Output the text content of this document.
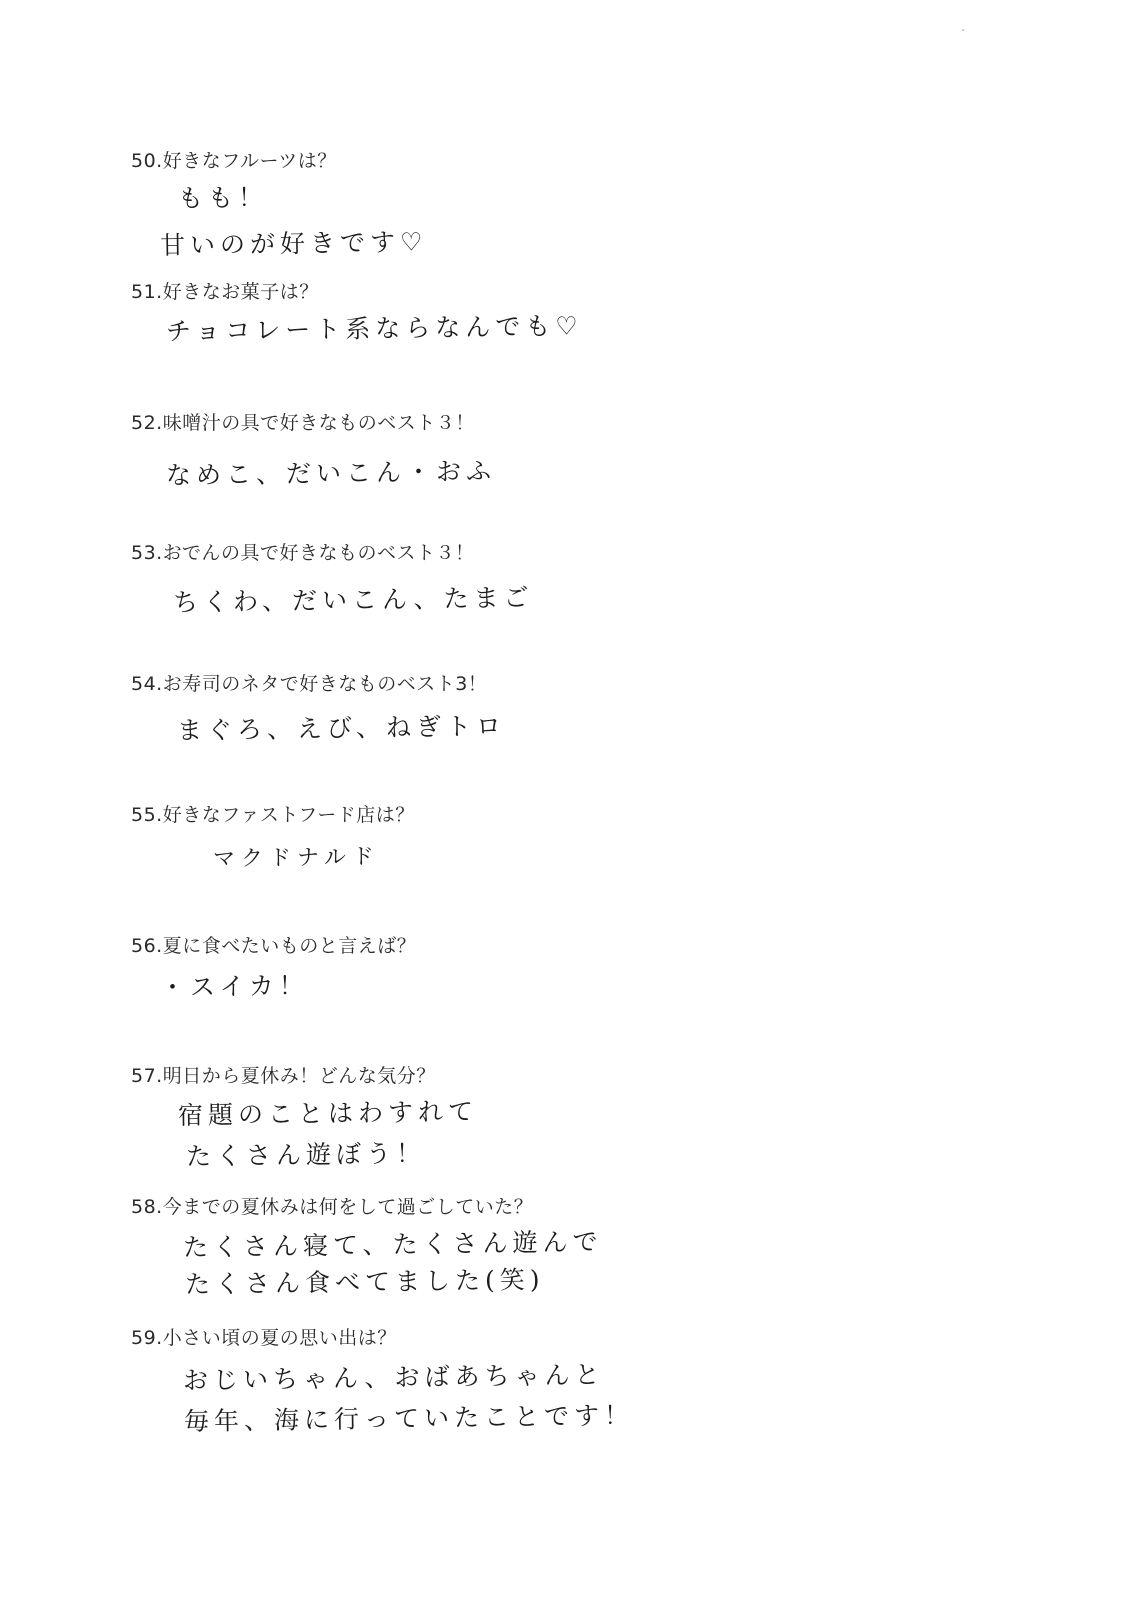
50.好きなフルーツは？
もも！
甘いのが好きです♡
51.好きなお菓子は？
チョコレート系ならなんでも♡
52.味噌汁の具で好きなものベスト３！
なめこ、だいこん・おふ
53.おでんの具で好きなものベスト３！
ちくわ、だいこん、たまご
54.お寿司のネタで好きなものベスト3！
まぐろ、えび、ねぎトロ
55.好きなファストフード店は？
マクドナルド
56.夏に食べたいものと言えば？
・スイカ！
57.明日から夏休み！どんな気分？
宿題のことはわすれて
たくさん遊ぼう！
58.今までの夏休みは何をして過ごしていた？
たくさん寝て、たくさん遊んで
たくさん食べてました(笑)
59.小さい頃の夏の思い出は？
おじいちゃん、おばあちゃんと
毎年、海に行っていたことです！
